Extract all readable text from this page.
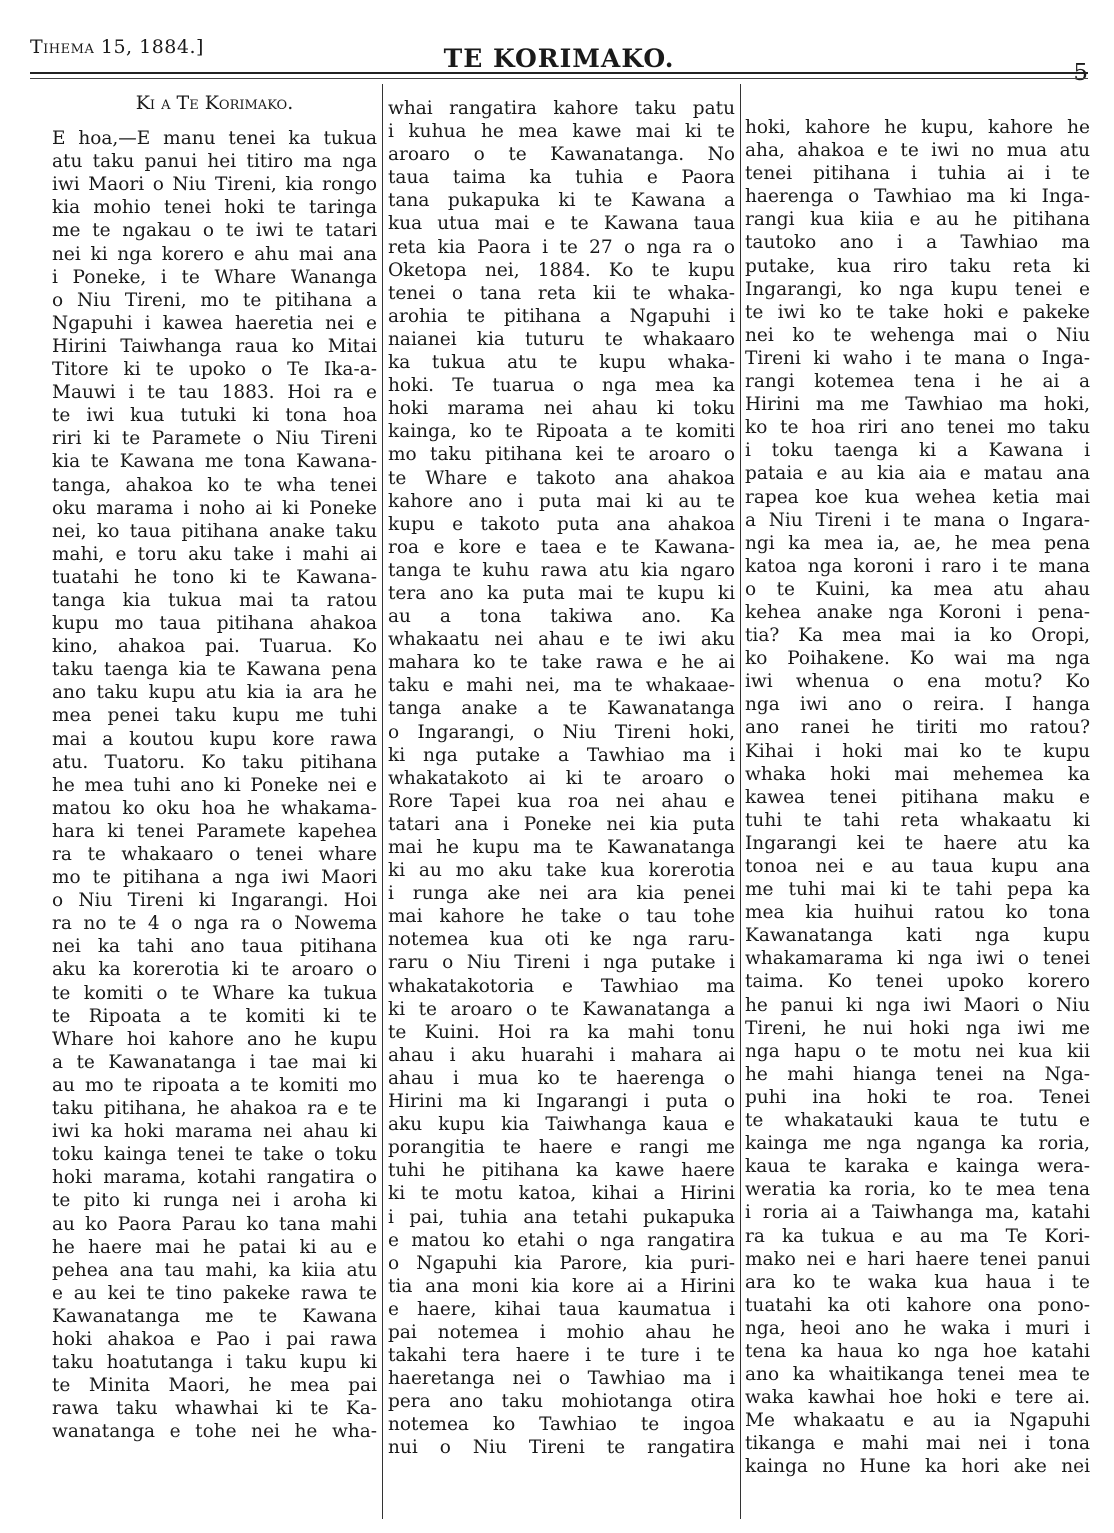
Tihema 15, 1884.]	TE KORIMAKO.	5
Ki a Te Korimako.
E hoa,—E manu tenei ka tukua
atu taku panui hei titiro ma nga
iwi Maori o Niu Tireni, kia rongo
kia mohio tenei hoki te taringa
me te ngakau o te iwi te tatari
nei ki nga korero e ahu mai ana
i Poneke, i te Whare Wananga
o Niu Tireni, mo te pitihana a
Ngapuhi i kawea haeretia nei e
Hirini Taiwhanga raua ko Mitai
Titore ki te upoko o Te Ika-a-
Mauwi i te tau 1883. Hoi ra e
te iwi kua tutuki ki tona hoa
riri ki te Paramete o Niu Tireni
kia te Kawana me tona Kawana-
tanga, ahakoa ko te wha tenei
oku marama i noho ai ki Poneke
nei, ko taua pitihana anake taku
mahi, e toru aku take i mahi ai
tuatahi he tono ki te Kawana-
tanga kia tukua mai ta ratou
kupu mo taua pitihana ahakoa
kino, ahakoa pai. Tuarua. Ko
taku taenga kia te Kawana pena
ano taku kupu atu kia ia ara he
mea penei taku kupu me tuhi
mai a koutou kupu kore rawa
atu. Tuatoru. Ko taku pitihana
he mea tuhi ano ki Poneke nei e
matou ko oku hoa he whakama-
hara ki tenei Paramete kapehea
ra te whakaaro o tenei whare
mo te pitihana a nga iwi Maori
o Niu Tireni ki Ingarangi. Hoi
ra no te 4 o nga ra o Nowema
nei ka tahi ano taua pitihana
aku ka korerotia ki te aroaro o
te komiti o te Whare ka tukua
te Ripoata a te komiti ki te
Whare hoi kahore ano he kupu
a te Kawanatanga i tae mai ki
au mo te ripoata a te komiti mo
taku pitihana, he ahakoa ra e te
iwi ka hoki marama nei ahau ki
toku kainga tenei te take o toku
hoki marama, kotahi rangatira o
te pito ki runga nei i aroha ki
au ko Paora Parau ko tana mahi
he haere mai he patai ki au e
pehea ana tau mahi, ka kiia atu
e au kei te tino pakeke rawa te
Kawanatanga me te Kawana
hoki ahakoa e Pao i pai rawa
taku hoatutanga i taku kupu ki
te Minita Maori, he mea pai
rawa taku whawhai ki te Ka-
wanatanga e tohe nei he wha-
whai rangatira kahore taku patu
i kuhua he mea kawe mai ki te
aroaro o te Kawanatanga. No
taua taima ka tuhia e Paora
tana pukapuka ki te Kawana a
kua utua mai e te Kawana taua
reta kia Paora i te 27 o nga ra o
Oketopa nei, 1884. Ko te kupu
tenei o tana reta kii te whaka-
arohia te pitihana a Ngapuhi i
naianei kia tuturu te whakaaro
ka tukua atu te kupu whaka-
hoki. Te tuarua o nga mea ka
hoki marama nei ahau ki toku
kainga, ko te Ripoata a te komiti
mo taku pitihana kei te aroaro o
te Whare e takoto ana ahakoa
kahore ano i puta mai ki au te
kupu e takoto puta ana ahakoa
roa e kore e taea e te Kawana-
tanga te kuhu rawa atu kia ngaro
tera ano ka puta mai te kupu ki
au a tona takiwa ano. Ka
whakaatu nei ahau e te iwi aku
mahara ko te take rawa e he ai
taku e mahi nei, ma te whakaae-
tanga anake a te Kawanatanga
o Ingarangi, o Niu Tireni hoki,
ki nga putake a Tawhiao ma i
whakatakoto ai ki te aroaro o
Rore Tapei kua roa nei ahau e
tatari ana i Poneke nei kia puta
mai he kupu ma te Kawanatanga
ki au mo aku take kua korerotia
i runga ake nei ara kia penei
mai kahore he take o tau tohe
notemea kua oti ke nga raru-
raru o Niu Tireni i nga putake i
whakatakotoria e Tawhiao ma
ki te aroaro o te Kawanatanga a
te Kuini. Hoi ra ka mahi tonu
ahau i aku huarahi i mahara ai
ahau i mua ko te haerenga o
Hirini ma ki Ingarangi i puta o
aku kupu kia Taiwhanga kaua e
porangitia te haere e rangi me
tuhi he pitihana ka kawe haere
ki te motu katoa, kihai a Hirini
i pai, tuhia ana tetahi pukapuka
e matou ko etahi o nga rangatira
o Ngapuhi kia Parore, kia puri-
tia ana moni kia kore ai a Hirini
e haere, kihai taua kaumatua i
pai notemea i mohio ahau he
takahi tera haere i te ture i te
haeretanga nei o Tawhiao ma i
pera ano taku mohiotanga otira
notemea ko Tawhiao te ingoa
nui o Niu Tireni te rangatira
hoki, kahore he kupu, kahore he
aha, ahakoa e te iwi no mua atu
tenei pitihana i tuhia ai i te
haerenga o Tawhiao ma ki Inga-
rangi kua kiia e au he pitihana
tautoko ano i a Tawhiao ma
putake, kua riro taku reta ki
Ingarangi, ko nga kupu tenei e
te iwi ko te take hoki e pakeke
nei ko te wehenga mai o Niu
Tireni ki waho i te mana o Inga-
rangi kotemea tena i he ai a
Hirini ma me Tawhiao ma hoki,
ko te hoa riri ano tenei mo taku
i toku taenga ki a Kawana i
pataia e au kia aia e matau ana
rapea koe kua wehea ketia mai
a Niu Tireni i te mana o Ingara-
ngi ka mea ia, ae, he mea pena
katoa nga koroni i raro i te mana
o te Kuini, ka mea atu ahau
kehea anake nga Koroni i pena-
tia? Ka mea mai ia ko Oropi,
ko Poihakene. Ko wai ma nga
iwi whenua o ena motu? Ko
nga iwi ano o reira. I hanga
ano ranei he tiriti mo ratou?
Kihai i hoki mai ko te kupu
whaka hoki mai mehemea ka
kawea tenei pitihana maku e
tuhi te tahi reta whakaatu ki
Ingarangi kei te haere atu ka
tonoa nei e au taua kupu ana
me tuhi mai ki te tahi pepa ka
mea kia huihui ratou ko tona
Kawanatanga kati nga kupu
whakamarama ki nga iwi o tenei
taima. Ko tenei upoko korero
he panui ki nga iwi Maori o Niu
Tireni, he nui hoki nga iwi me
nga hapu o te motu nei kua kii
he mahi hianga tenei na Nga-
puhi ina hoki te roa. Tenei
te whakatauki kaua te tutu e
kainga me nga nganga ka roria,
kaua te karaka e kainga wera-
weratia ka roria, ko te mea tena
i roria ai a Taiwhanga ma, katahi
ra ka tukua e au ma Te Kori-
mako nei e hari haere tenei panui
ara ko te waka kua haua i te
tuatahi ka oti kahore ona pono-
nga, heoi ano he waka i muri i
tena ka haua ko nga hoe katahi
ano ka whaitikanga tenei mea te
waka kawhai hoe hoki e tere ai.
Me whakaatu e au ia Ngapuhi
tikanga e mahi mai nei i tona
kainga no Hune ka hori ake nei
